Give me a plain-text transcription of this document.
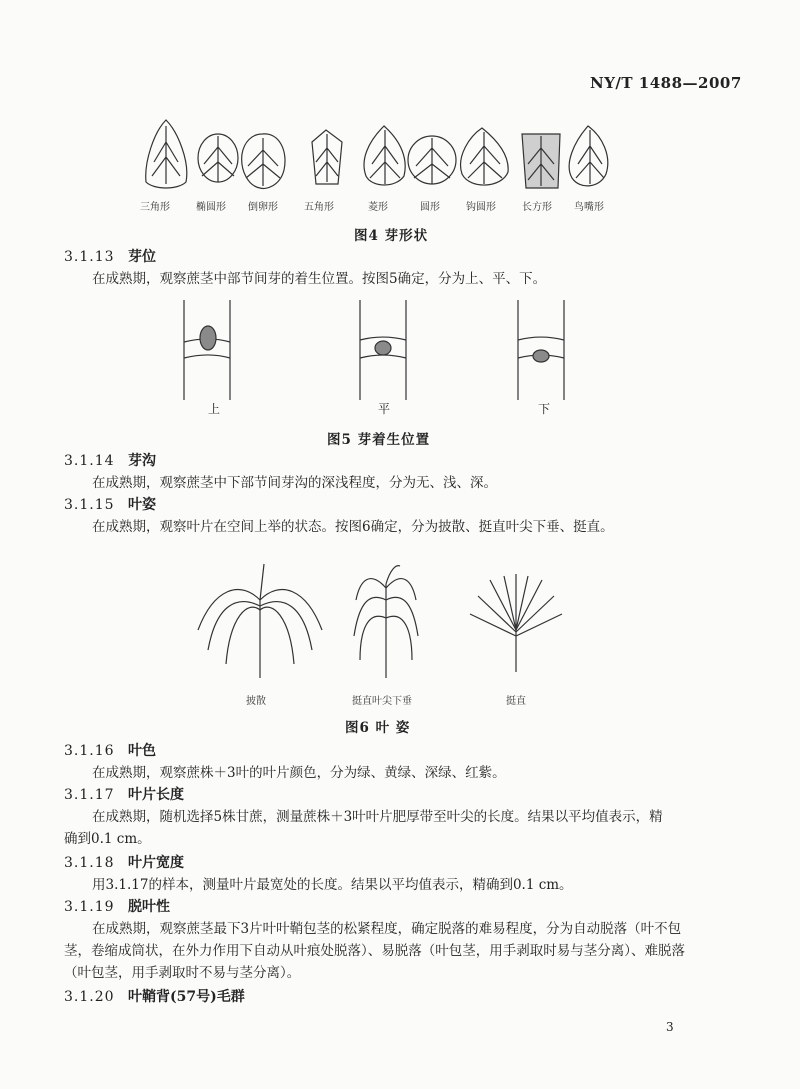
NY/T 1488—2007
三角形	椭圆形 倒卵形	五角形	菱形	圆形	钩圆形	长方形 鸟嘴形
图4 芽形状
3.1.13 芽位
在成熟期，观察蔗茎中部节间芽的着生位置。按图5确定，分为上、平、下。
上	平	下
图5 芽着生位置
3.1.14 芽沟
在成熟期，观察蔗茎中下部节间芽沟的深浅程度，分为无、浅、深。
3.1.15 叶姿
在成熟期，观察叶片在空间上举的状态。按图6确定，分为披散、挺直叶尖下垂、挺直。
披散	挺直叶尖下垂	挺直
图6 叶 姿
3.1.16 叶色
在成熟期，观察蔗株＋3叶的叶片颜色，分为绿、黄绿、深绿、红紫。
3.1.17 叶片长度
在成熟期，随机选择5株甘蔗，测量蔗株＋3叶叶片肥厚带至叶尖的长度。结果以平均值表示，精
确到0.1 cm。
3.1.18 叶片宽度
用3.1.17的样本，测量叶片最宽处的长度。结果以平均值表示，精确到0.1 cm。
3.1.19 脱叶性
在成熟期，观察蔗茎最下3片叶叶鞘包茎的松紧程度，确定脱落的难易程度，分为自动脱落（叶不包
茎，卷缩成筒状，在外力作用下自动从叶痕处脱落）、易脱落（叶包茎，用手剥取时易与茎分离）、难脱落
（叶包茎，用手剥取时不易与茎分离）。
3.1.20 叶鞘背(57号)毛群
3
